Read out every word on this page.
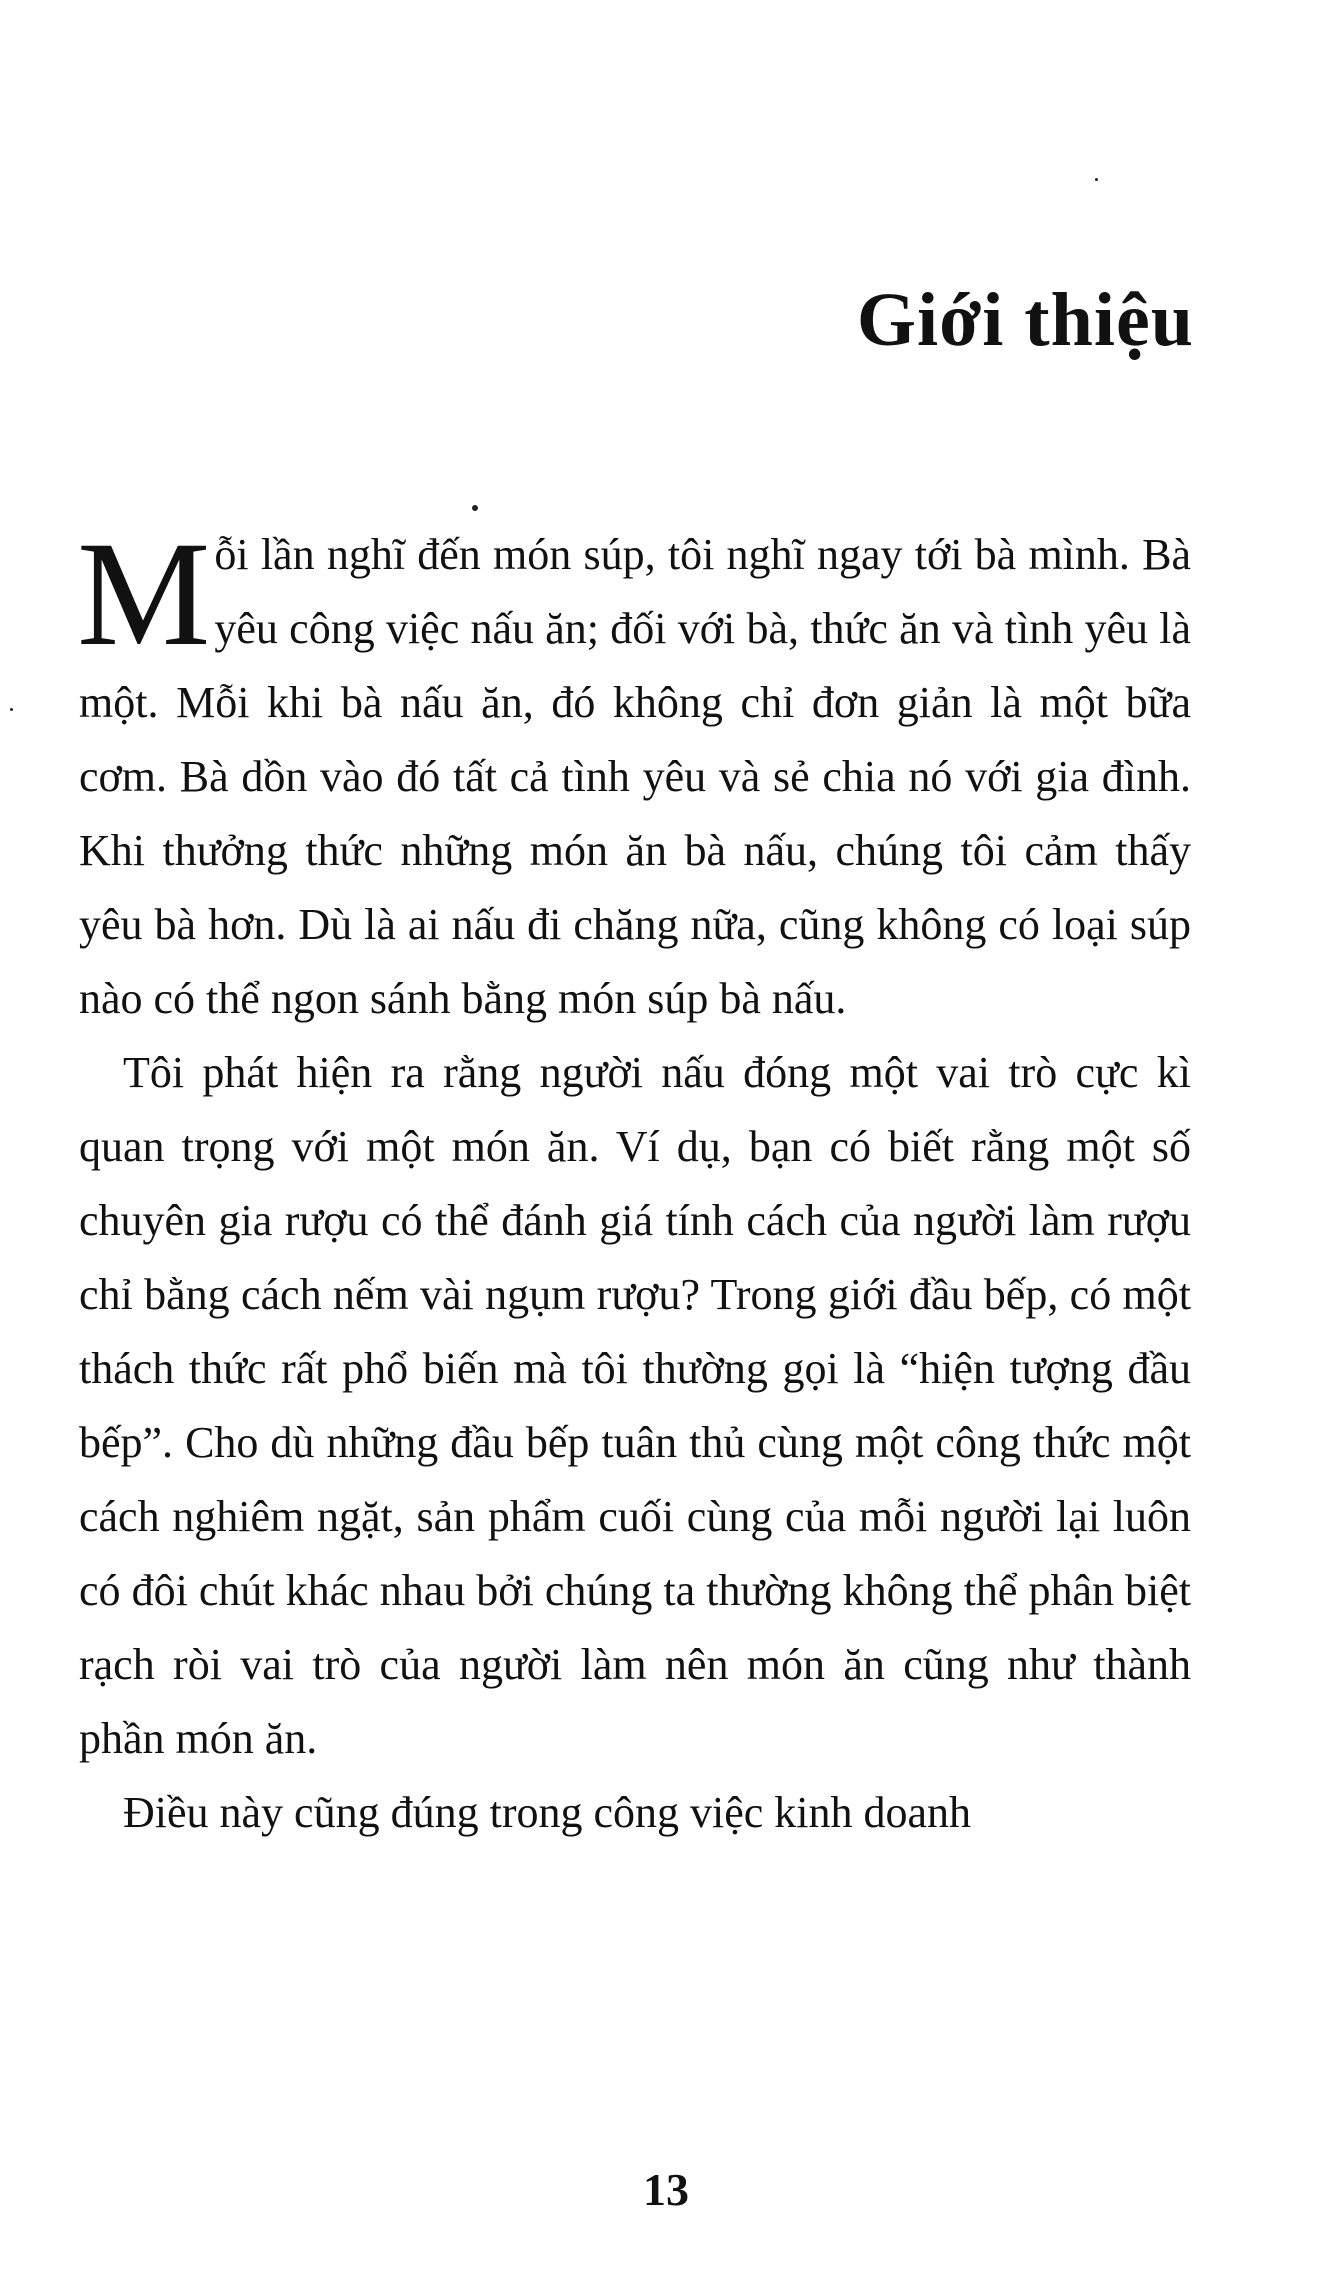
Giới thiệu

Mỗi lần nghĩ đến món súp, tôi nghĩ ngay tới bà mình. Bà yêu công việc nấu ăn; đối với bà, thức ăn và tình yêu là một. Mỗi khi bà nấu ăn, đó không chỉ đơn giản là một bữa cơm. Bà dồn vào đó tất cả tình yêu và sẻ chia nó với gia đình. Khi thưởng thức những món ăn bà nấu, chúng tôi cảm thấy yêu bà hơn. Dù là ai nấu đi chăng nữa, cũng không có loại súp nào có thể ngon sánh bằng món súp bà nấu.

Tôi phát hiện ra rằng người nấu đóng một vai trò cực kì quan trọng với một món ăn. Ví dụ, bạn có biết rằng một số chuyên gia rượu có thể đánh giá tính cách của người làm rượu chỉ bằng cách nếm vài ngụm rượu? Trong giới đầu bếp, có một thách thức rất phổ biến mà tôi thường gọi là “hiện tượng đầu bếp”. Cho dù những đầu bếp tuân thủ cùng một công thức một cách nghiêm ngặt, sản phẩm cuối cùng của mỗi người lại luôn có đôi chút khác nhau bởi chúng ta thường không thể phân biệt rạch ròi vai trò của người làm nên món ăn cũng như thành phần món ăn.

Điều này cũng đúng trong công việc kinh doanh

13
